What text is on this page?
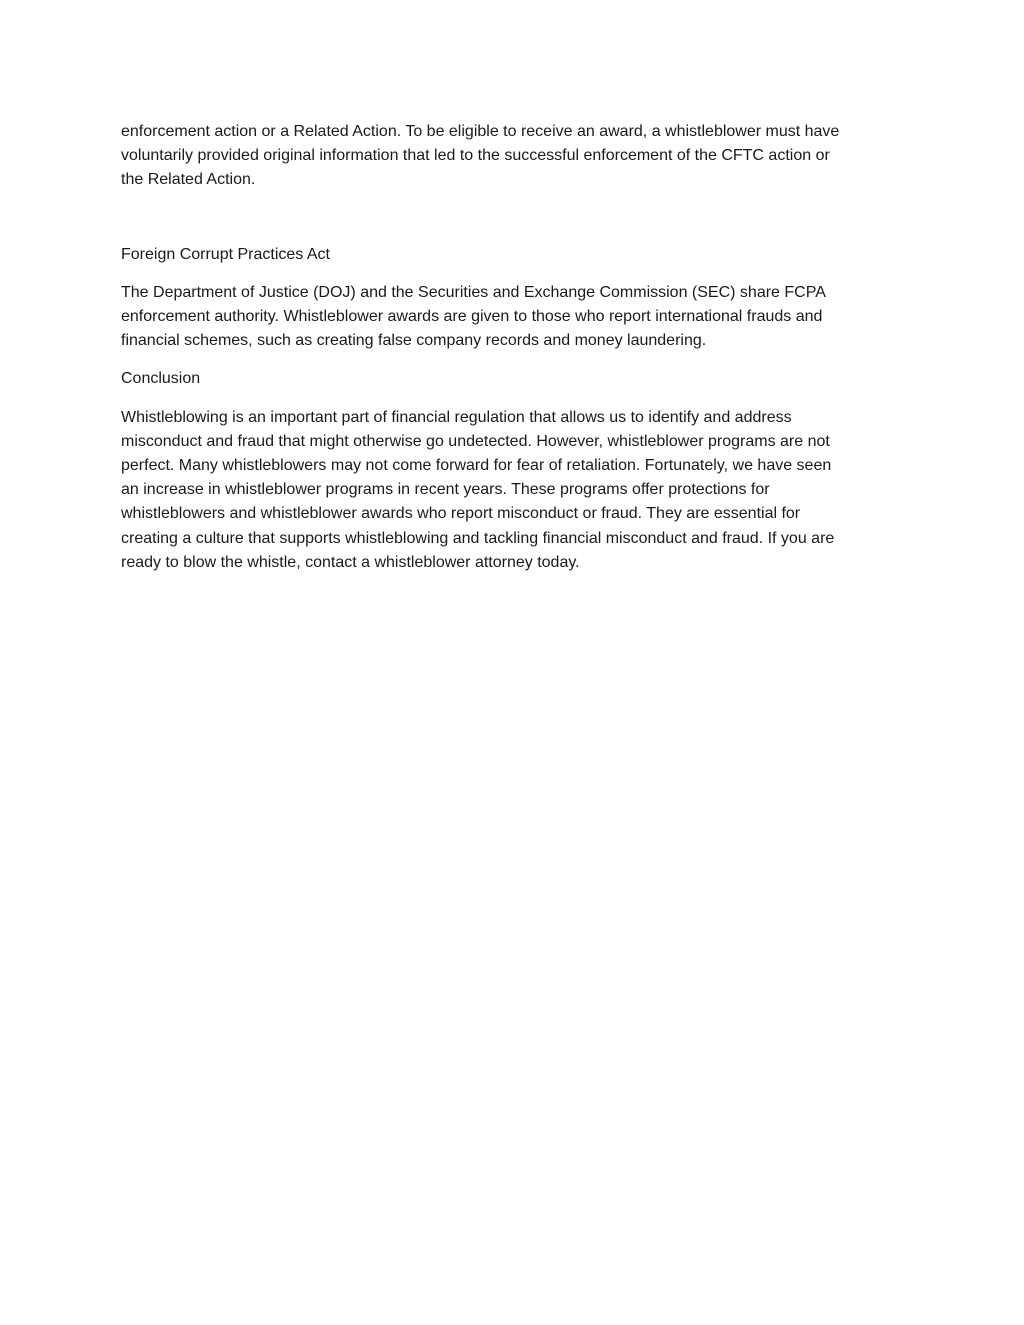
enforcement action or a Related Action. To be eligible to receive an award, a whistleblower must have
voluntarily provided original information that led to the successful enforcement of the CFTC action or
the Related Action.

Foreign Corrupt Practices Act

The Department of Justice (DOJ) and the Securities and Exchange Commission (SEC) share FCPA
enforcement authority. Whistleblower awards are given to those who report international frauds and
financial schemes, such as creating false company records and money laundering.

Conclusion

Whistleblowing is an important part of financial regulation that allows us to identify and address
misconduct and fraud that might otherwise go undetected. However, whistleblower programs are not
perfect. Many whistleblowers may not come forward for fear of retaliation. Fortunately, we have seen
an increase in whistleblower programs in recent years. These programs offer protections for
whistleblowers and whistleblower awards who report misconduct or fraud. They are essential for
creating a culture that supports whistleblowing and tackling financial misconduct and fraud. If you are
ready to blow the whistle, contact a whistleblower attorney today.
